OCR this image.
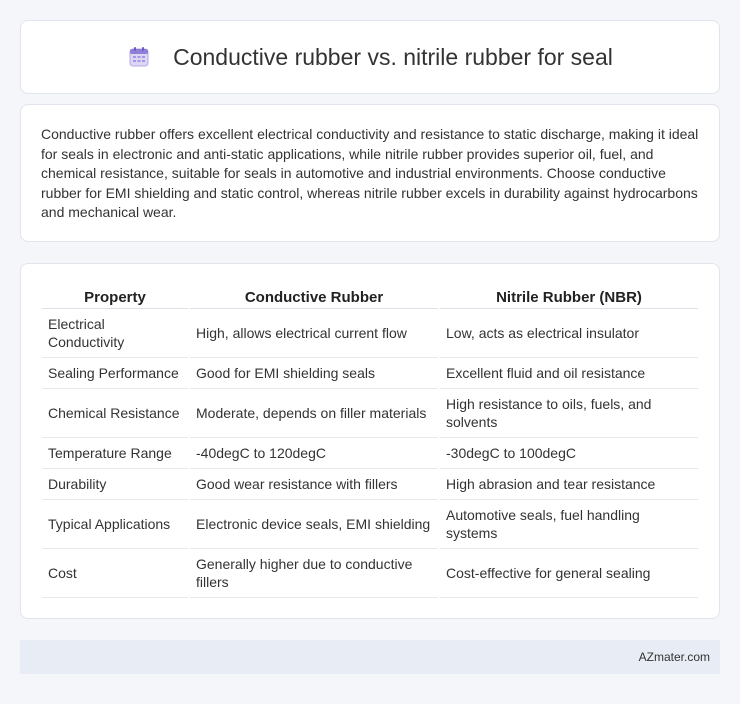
Conductive rubber vs. nitrile rubber for seal

Conductive rubber offers excellent electrical conductivity and resistance to static discharge, making it ideal for seals in electronic and anti-static applications, while nitrile rubber provides superior oil, fuel, and chemical resistance, suitable for seals in automotive and industrial environments. Choose conductive rubber for EMI shielding and static control, whereas nitrile rubber excels in durability against hydrocarbons and mechanical wear.

Property	Conductive Rubber	Nitrile Rubber (NBR)
Electrical Conductivity	High, allows electrical current flow	Low, acts as electrical insulator
Sealing Performance	Good for EMI shielding seals	Excellent fluid and oil resistance
Chemical Resistance	Moderate, depends on filler materials	High resistance to oils, fuels, and solvents
Temperature Range	-40degC to 120degC	-30degC to 100degC
Durability	Good wear resistance with fillers	High abrasion and tear resistance
Typical Applications	Electronic device seals, EMI shielding	Automotive seals, fuel handling systems
Cost	Generally higher due to conductive fillers	Cost-effective for general sealing
AZmater.com
